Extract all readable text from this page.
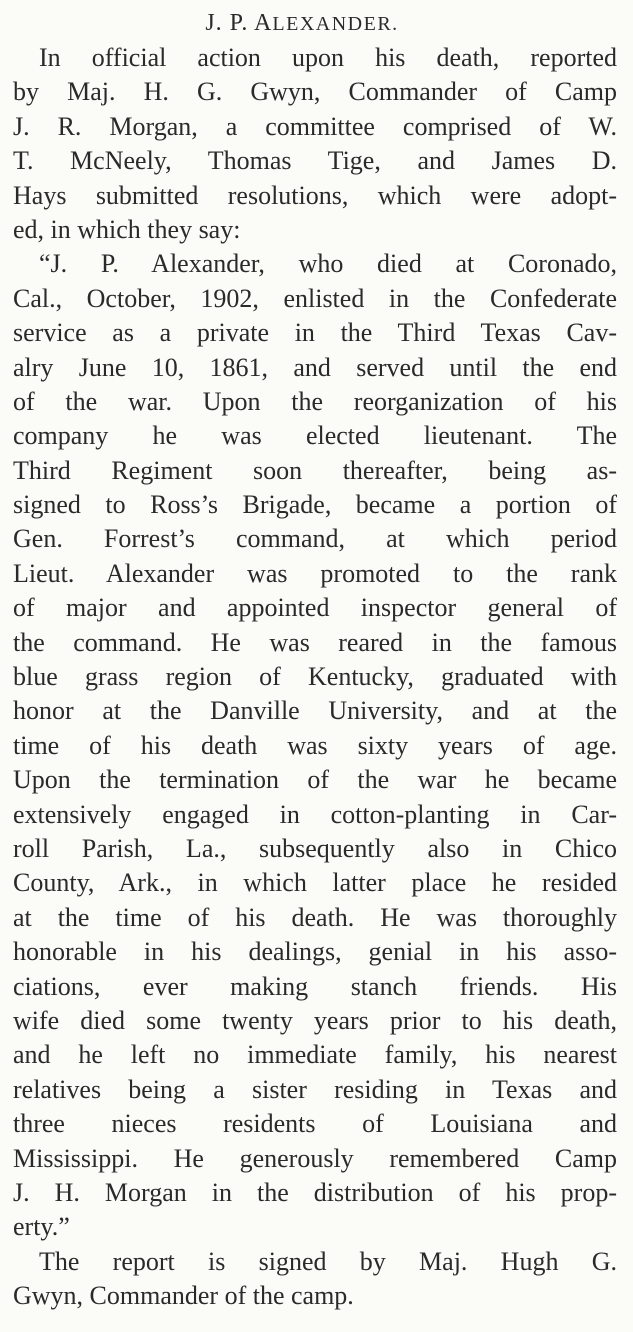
J. P. ALEXANDER.
In official action upon his death, reported
by Maj. H. G. Gwyn, Commander of Camp
J. R. Morgan, a committee comprised of W.
T. McNeely, Thomas Tige, and James D.
Hays submitted resolutions, which were adopt-
ed, in which they say:
“J. P. Alexander, who died at Coronado,
Cal., October, 1902, enlisted in the Confederate
service as a private in the Third Texas Cav-
alry June 10, 1861, and served until the end
of the war. Upon the reorganization of his
company he was elected lieutenant. The
Third Regiment soon thereafter, being as-
signed to Ross’s Brigade, became a portion of
Gen. Forrest’s command, at which period
Lieut. Alexander was promoted to the rank
of major and appointed inspector general of
the command. He was reared in the famous
blue grass region of Kentucky, graduated with
honor at the Danville University, and at the
time of his death was sixty years of age.
Upon the termination of the war he became
extensively engaged in cotton-planting in Car-
roll Parish, La., subsequently also in Chico
County, Ark., in which latter place he resided
at the time of his death. He was thoroughly
honorable in his dealings, genial in his asso-
ciations, ever making stanch friends. His
wife died some twenty years prior to his death,
and he left no immediate family, his nearest
relatives being a sister residing in Texas and
three nieces residents of Louisiana and
Mississippi. He generously remembered Camp
J. H. Morgan in the distribution of his prop-
erty.”
The report is signed by Maj. Hugh G.
Gwyn, Commander of the camp.
